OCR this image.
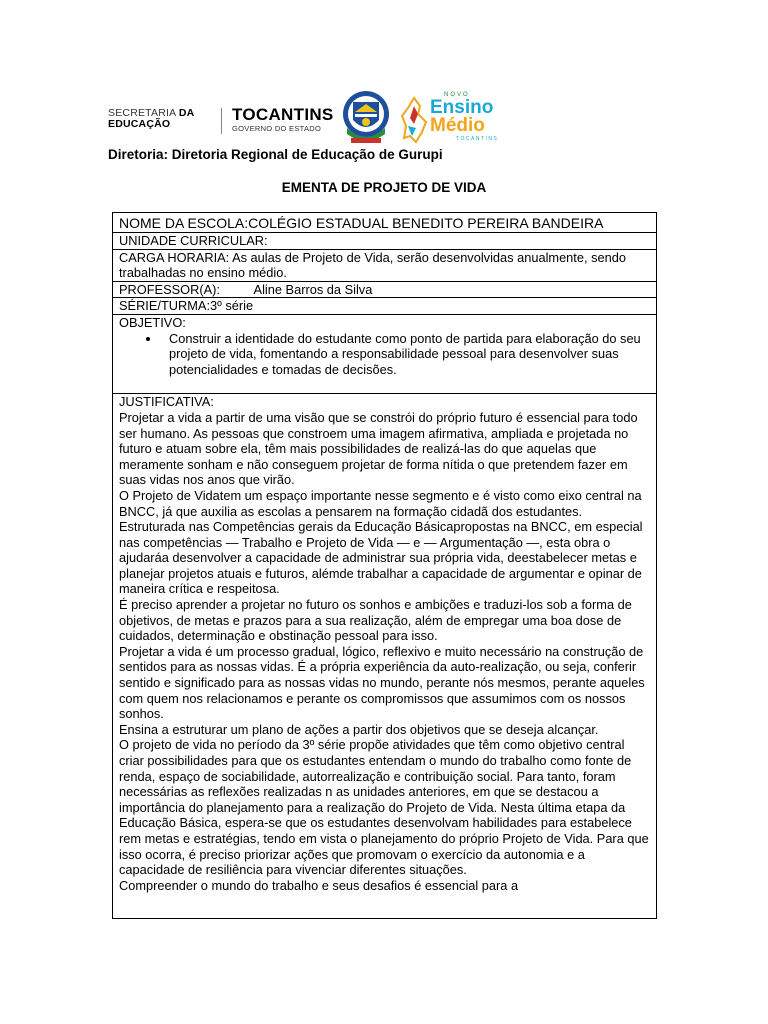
SECRETARIA DA
EDUCAÇÃO	TOCANTINS
GOVERNO DO ESTADO
NOVO
Ensino
Médio
TOCANTINS
Diretoria: Diretoria Regional de Educação de Gurupi
EMENTA DE PROJETO DE VIDA
NOME DA ESCOLA:COLÉGIO ESTADUAL BENEDITO PEREIRA BANDEIRA
UNIDADE CURRICULAR:
CARGA HORARIA: As aulas de Projeto de Vida, serão desenvolvidas anualmente, sendo trabalhadas no ensino médio.
PROFESSOR(A):	Aline Barros da Silva
SÉRIE/TURMA:3º série
OBJETIVO:
• Construir a identidade do estudante como ponto de partida para elaboração do seu projeto de vida, fomentando a responsabilidade pessoal para desenvolver suas potencialidades e tomadas de decisões.
JUSTIFICATIVA:

Projetar a vida a partir de uma visão que se constrói do próprio futuro é essencial para todo ser humano. As pessoas que constroem uma imagem afirmativa, ampliada e projetada no futuro e atuam sobre ela, têm mais possibilidades de realizá-las do que aquelas que meramente sonham e não conseguem projetar de forma nítida o que pretendem fazer em suas vidas nos anos que virão.

O Projeto de Vidatem um espaço importante nesse segmento e é visto como eixo central na BNCC, já que auxilia as escolas a pensarem na formação cidadã dos estudantes.

Estruturada nas Competências gerais da Educação Básicapropostas na BNCC, em especial nas competências — Trabalho e Projeto de Vida — e — Argumentação —, esta obra o ajudaráa desenvolver a capacidade de administrar sua própria vida, deestabelecer metas e planejar projetos atuais e futuros, alémde trabalhar a capacidade de argumentar e opinar de maneira crítica e respeitosa.

É preciso aprender a projetar no futuro os sonhos e ambições e traduzi-los sob a forma de objetivos, de metas e prazos para a sua realização, além de empregar uma boa dose de cuidados, determinação e obstinação pessoal para isso.

Projetar a vida é um processo gradual, lógico, reflexivo e muito necessário na construção de sentidos para as nossas vidas. É a própria experiência da auto-realização, ou seja, conferir sentido e significado para as nossas vidas no mundo, perante nós mesmos, perante aqueles com quem nos relacionamos e perante os compromissos que assumimos com os nossos sonhos.

Ensina a estruturar um plano de ações a partir dos objetivos que se deseja alcançar.

O projeto de vida no período da 3º série propõe atividades que têm como objetivo central criar possibilidades para que os estudantes entendam o mundo do trabalho como fonte de renda, espaço de sociabilidade, autorrealização e contribuição social. Para tanto, foram necessárias as reflexões realizadas n as unidades anteriores, em que se destacou a importância do planejamento para a realização do Projeto de Vida. Nesta última etapa da Educação Básica, espera-se que os estudantes desenvolvam habilidades para estabelece rem metas e estratégias, tendo em vista o planejamento do próprio Projeto de Vida. Para que isso ocorra, é preciso priorizar ações que promovam o exercício da autonomia e a capacidade de resiliência para vivenciar diferentes situações.

Compreender o mundo do trabalho e seus desafios é essencial para a
